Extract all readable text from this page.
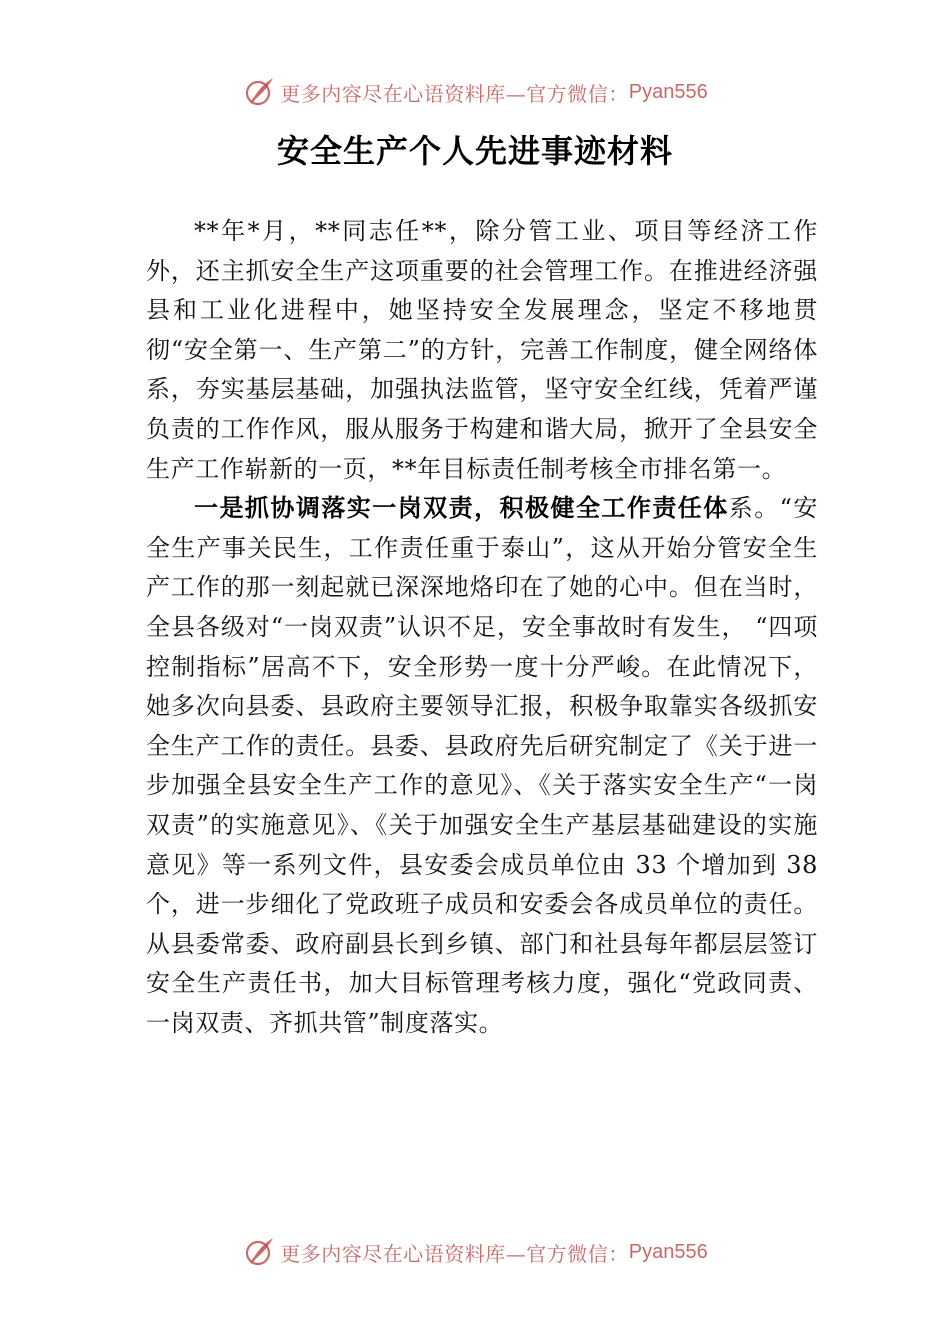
更多内容尽在心语资料库—官方微信： Pyan556
安全生产个人先进事迹材料

**年*月，**同志任**，除分管工业、项目等经济工作外，还主抓安全生产这项重要的社会管理工作。在推进经济强县和工业化进程中，她坚持安全发展理念，坚定不移地贯彻“安全第一、生产第二”的方针，完善工作制度，健全网络体系，夯实基层基础，加强执法监管，坚守安全红线，凭着严谨负责的工作作风，服从服务于构建和谐大局，掀开了全县安全生产工作崭新的一页，**年目标责任制考核全市排名第一。

一是抓协调落实一岗双责，积极健全工作责任体系。“安全生产事关民生，工作责任重于泰山”，这从开始分管安全生产工作的那一刻起就已深深地烙印在了她的心中。但在当时，全县各级对“一岗双责”认识不足，安全事故时有发生， “四项控制指标”居高不下，安全形势一度十分严峻。在此情况下，她多次向县委、县政府主要领导汇报，积极争取靠实各级抓安全生产工作的责任。县委、县政府先后研究制定了《关于进一步加强全县安全生产工作的意见》、《关于落实安全生产“一岗双责”的实施意见》、《关于加强安全生产基层基础建设的实施意见》等一系列文件，县安委会成员单位由 33 个增加到 38 个，进一步细化了党政班子成员和安委会各成员单位的责任。从县委常委、政府副县长到乡镇、部门和社县每年都层层签订安全生产责任书，加大目标管理考核力度，强化“党政同责、一岗双责、齐抓共管”制度落实。

更多内容尽在心语资料库—官方微信： Pyan556
